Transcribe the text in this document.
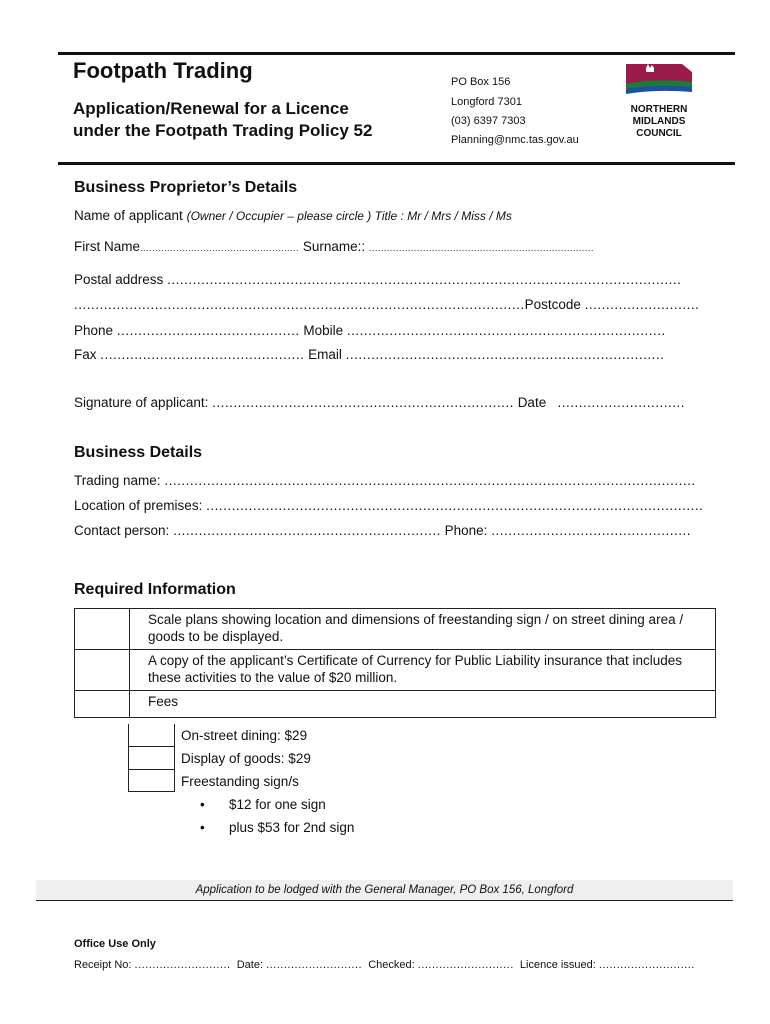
Footpath Trading
Application/Renewal for a Licence
under the Footpath Trading Policy 52
PO Box 156
Longford 7301
(03) 6397 7303
Planning@nmc.tas.gov.au
NORTHERN
MIDLANDS
COUNCIL
Business Proprietor’s Details
Name of applicant (Owner / Occupier – please circle ) Title : Mr / Mrs / Miss / Ms
First Name..................................................... Surname:: ...........................................................................
Postal address .........................................................................................................................
..........................................................................................................Postcode ...........................
Phone ........................................... Mobile ...........................................................................
Fax ................................................ Email ...........................................................................
Signature of applicant: ....................................................................... Date ..............................
Business Details
Trading name: .............................................................................................................................
Location of premises: .....................................................................................................................
Contact person: ............................................................... Phone: ...............................................
Required Information
	Scale plans showing location and dimensions of freestanding sign / on street dining area / goods to be displayed.
	A copy of the applicant’s Certificate of Currency for Public Liability insurance that includes these activities to the value of $20 million.
	Fees
On-street dining: $29
Display of goods: $29
Freestanding sign/s
• $12 for one sign
• plus $53 for 2nd sign
Application to be lodged with the General Manager, PO Box 156, Longford
Office Use Only
Receipt No: ........................... Date: ........................... Checked: ........................... Licence issued: ...........................
